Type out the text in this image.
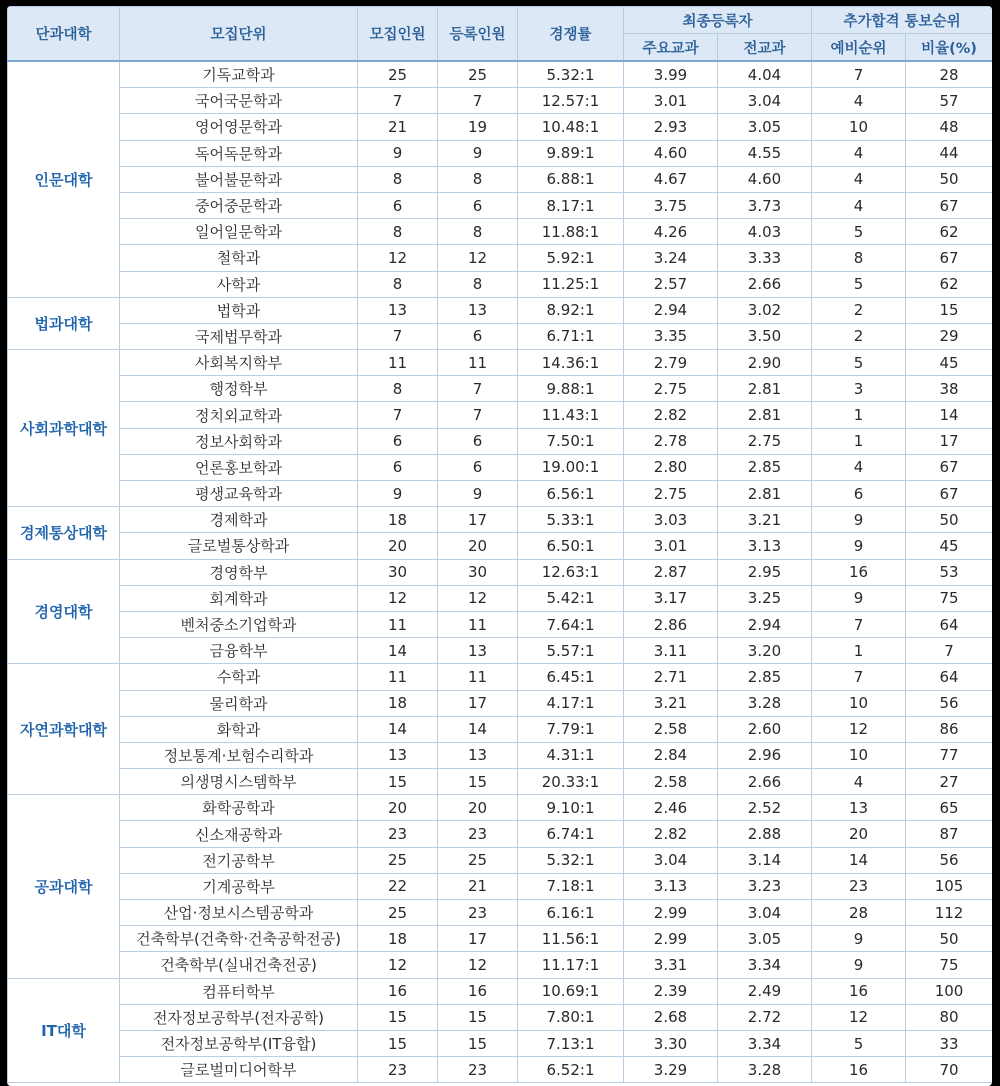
단과대학	모집단위	모집인원	등록인원	경쟁률	최종등록자		추가합격 통보순위	
					주요교과	전교과	예비순위	비율(%)
인문대학	기독교학과	25	25	5.32:1	3.99	4.04	7	28
	국어국문학과	7	7	12.57:1	3.01	3.04	4	57
	영어영문학과	21	19	10.48:1	2.93	3.05	10	48
	독어독문학과	9	9	9.89:1	4.60	4.55	4	44
	불어불문학과	8	8	6.88:1	4.67	4.60	4	50
	중어중문학과	6	6	8.17:1	3.75	3.73	4	67
	일어일문학과	8	8	11.88:1	4.26	4.03	5	62
	철학과	12	12	5.92:1	3.24	3.33	8	67
	사학과	8	8	11.25:1	2.57	2.66	5	62
법과대학	법학과	13	13	8.92:1	2.94	3.02	2	15
	국제법무학과	7	6	6.71:1	3.35	3.50	2	29
사회과학대학	사회복지학부	11	11	14.36:1	2.79	2.90	5	45
	행정학부	8	7	9.88:1	2.75	2.81	3	38
	정치외교학과	7	7	11.43:1	2.82	2.81	1	14
	정보사회학과	6	6	7.50:1	2.78	2.75	1	17
	언론홍보학과	6	6	19.00:1	2.80	2.85	4	67
	평생교육학과	9	9	6.56:1	2.75	2.81	6	67
경제통상대학	경제학과	18	17	5.33:1	3.03	3.21	9	50
	글로벌통상학과	20	20	6.50:1	3.01	3.13	9	45
경영대학	경영학부	30	30	12.63:1	2.87	2.95	16	53
	회계학과	12	12	5.42:1	3.17	3.25	9	75
	벤처중소기업학과	11	11	7.64:1	2.86	2.94	7	64
	금융학부	14	13	5.57:1	3.11	3.20	1	7
자연과학대학	수학과	11	11	6.45:1	2.71	2.85	7	64
	물리학과	18	17	4.17:1	3.21	3.28	10	56
	화학과	14	14	7.79:1	2.58	2.60	12	86
	정보통계·보험수리학과	13	13	4.31:1	2.84	2.96	10	77
	의생명시스템학부	15	15	20.33:1	2.58	2.66	4	27
공과대학	화학공학과	20	20	9.10:1	2.46	2.52	13	65
	신소재공학과	23	23	6.74:1	2.82	2.88	20	87
	전기공학부	25	25	5.32:1	3.04	3.14	14	56
	기계공학부	22	21	7.18:1	3.13	3.23	23	105
	산업·정보시스템공학과	25	23	6.16:1	2.99	3.04	28	112
	건축학부(건축학·건축공학전공)	18	17	11.56:1	2.99	3.05	9	50
	건축학부(실내건축전공)	12	12	11.17:1	3.31	3.34	9	75
IT대학	컴퓨터학부	16	16	10.69:1	2.39	2.49	16	100
	전자정보공학부(전자공학)	15	15	7.80:1	2.68	2.72	12	80
	전자정보공학부(IT융합)	15	15	7.13:1	3.30	3.34	5	33
	글로벌미디어학부	23	23	6.52:1	3.29	3.28	16	70
